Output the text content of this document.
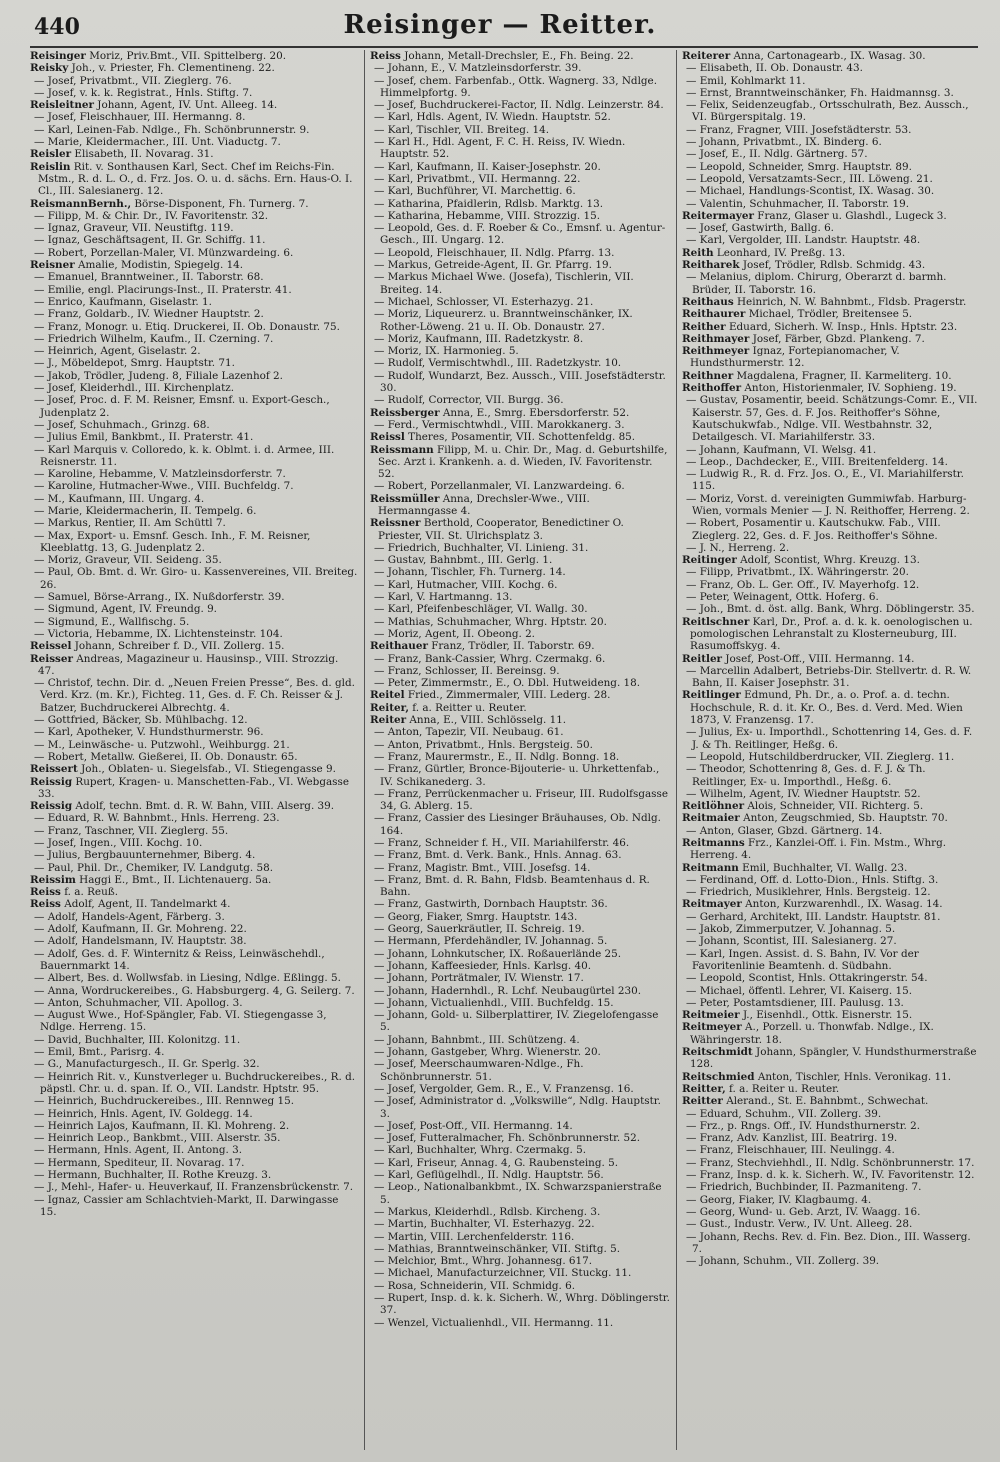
440	Reisinger — Reitter.

Reisinger Moriz, Priv.Bmt., VII. Spittelberg. 20.

Reisky Joh., v. Priester, Fh. Clementineng. 22.

— Josef, Privatbmt., VII. Zieglerg. 76.

— Josef, v. k. k. Registrat., Hnls. Stiftg. 7.

Reisleitner Johann, Agent, IV. Unt. Alleeg. 14.

— Josef, Fleischhauer, III. Hermanng. 8.

— Karl, Leinen-Fab. Ndlge., Fh. Schönbrunnerstr. 9.

— Marie, Kleidermacher., III. Unt. Viaductg. 7.

Reisler Elisabeth, II. Novarag. 31.

Reislin Rit. v. Sonthausen Karl, Sect. Chef im Reichs-Fin. Mstm., R. d. L. O., d. Frz. Jos. O. u. d. sächs. Ern. Haus-O. I. Cl., III. Salesianerg. 12.

ReismannBernh., Börse-Disponent, Fh. Turnerg. 7.

— Filipp, M. & Chir. Dr., IV. Favoritenstr. 32.

— Ignaz, Graveur, VII. Neustiftg. 119.

— Ignaz, Geschäftsagent, II. Gr. Schiffg. 11.

— Robert, Porzellan-Maler, VI. Münzwardeing. 6.

Reisner Amalie, Modistin, Spiegelg. 14.

— Emanuel, Branntweiner., II. Taborstr. 68.

— Emilie, engl. Placirungs-Inst., II. Praterstr. 41.

— Enrico, Kaufmann, Giselastr. 1.

— Franz, Goldarb., IV. Wiedner Hauptstr. 2.

— Franz, Monogr. u. Etiq. Druckerei, II. Ob. Donaustr. 75.

— Friedrich Wilhelm, Kaufm., II. Czerning. 7.

— Heinrich, Agent, Giselastr. 2.

— J., Möbeldepot, Smrg. Hauptstr. 71.

— Jakob, Trödler, Judeng. 8, Filiale Lazenhof 2.

— Josef, Kleiderhdl., III. Kirchenplatz.

— Josef, Proc. d. F. M. Reisner, Emsnf. u. Export-Gesch., Judenplatz 2.

— Josef, Schuhmach., Grinzg. 68.

— Julius Emil, Bankbmt., II. Praterstr. 41.

— Karl Marquis v. Colloredo, k. k. Oblmt. i. d. Armee, III. Reisnerstr. 11.

— Karoline, Hebamme, V. Matzleinsdorferstr. 7.

— Karoline, Hutmacher-Wwe., VIII. Buchfeldg. 7.

— M., Kaufmann, III. Ungarg. 4.

— Marie, Kleidermacherin, II. Tempelg. 6.

— Markus, Rentier, II. Am Schüttl 7.

— Max, Export- u. Emsnf. Gesch. Inh., F. M. Reisner, Kleeblattg. 13, G. Judenplatz 2.

— Moriz, Graveur, VII. Seideng. 35.

— Paul, Ob. Bmt. d. Wr. Giro- u. Kassenvereines, VII. Breiteg. 26.

— Samuel, Börse-Arrang., IX. Nußdorferstr. 39.

— Sigmund, Agent, IV. Freundg. 9.

— Sigmund, E., Wallfischg. 5.

— Victoria, Hebamme, IX. Lichtensteinstr. 104.

Reissel Johann, Schreiber f. D., VII. Zollerg. 15.

Reisser Andreas, Magazineur u. Hausinsp., VIII. Strozzig. 47.

— Christof, techn. Dir. d. „Neuen Freien Presse“, Bes. d. gld. Verd. Krz. (m. Kr.), Fichteg. 11, Ges. d. F. Ch. Reisser & J. Batzer, Buchdruckerei Albrechtg. 4.

— Gottfried, Bäcker, Sb. Mühlbachg. 12.

— Karl, Apotheker, V. Hundsthurmerstr. 96.

— M., Leinwäsche- u. Putzwohl., Weihburgg. 21.

— Robert, Metallw. Gießerei, II. Ob. Donaustr. 65.

Reissert Joh., Oblaten- u. Siegelsfab., VI. Stiegengasse 9.

Reissig Rupert, Kragen- u. Manschetten-Fab., VI. Webgasse 33.

Reissig Adolf, techn. Bmt. d. R. W. Bahn, VIII. Alserg. 39.

— Eduard, R. W. Bahnbmt., Hnls. Herreng. 23.

— Franz, Taschner, VII. Zieglerg. 55.

— Josef, Ingen., VIII. Kochg. 10.

— Julius, Bergbauunternehmer, Biberg. 4.

— Paul, Phil. Dr., Chemiker, IV. Landgutg. 58.

Reissim Haggi E., Bmt., II. Lichtenauerg. 5a.

Reiss f. a. Reuß.

Reiss Adolf, Agent, II. Tandelmarkt 4.

— Adolf, Handels-Agent, Färberg. 3.

— Adolf, Kaufmann, II. Gr. Mohreng. 22.

— Adolf, Handelsmann, IV. Hauptstr. 38.

— Adolf, Ges. d. F. Winternitz & Reiss, Leinwäschehdl., Bauernmarkt 14.

— Albert, Bes. d. Wollwsfab. in Liesing, Ndlge. Eßlingg. 5.

— Anna, Wordruckereibes., G. Habsburgerg. 4, G. Seilerg. 7.

— Anton, Schuhmacher, VII. Apollog. 3.

— August Wwe., Hof-Spängler, Fab. VI. Stiegengasse 3, Ndlge. Herreng. 15.

— David, Buchhalter, III. Kolonitzg. 11.

— Emil, Bmt., Parisrg. 4.

— G., Manufacturgesch., II. Gr. Sperlg. 32.

— Heinrich Rit. v., Kunstverleger u. Buchdruckereibes., R. d. päpstl. Chr. u. d. span. If. O., VII. Landstr. Hptstr. 95.

— Heinrich, Buchdruckereibes., III. Rennweg 15.

— Heinrich, Hnls. Agent, IV. Goldegg. 14.

— Heinrich Lajos, Kaufmann, II. Kl. Mohreng. 2.

— Heinrich Leop., Bankbmt., VIII. Alserstr. 35.

— Hermann, Hnls. Agent, II. Antong. 3.

— Hermann, Spediteur, II. Novarag. 17.

— Hermann, Buchhalter, II. Rothe Kreuzg. 3.

— J., Mehl-, Hafer- u. Heuverkauf, II. Franzensbrückenstr. 7.

— Ignaz, Cassier am Schlachtvieh-Markt, II. Darwingasse 15.

Reiss Johann, Metall-Drechsler, E., Fh. Being. 22.

— Johann, E., V. Matzleinsdorferstr. 39.

— Josef, chem. Farbenfab., Ottk. Wagnerg. 33, Ndlge. Himmelpfortg. 9.

— Josef, Buchdruckerei-Factor, II. Ndlg. Leinzerstr. 84.

— Karl, Hdls. Agent, IV. Wiedn. Hauptstr. 52.

— Karl, Tischler, VII. Breiteg. 14.

— Karl H., Hdl. Agent, F. C. H. Reiss, IV. Wiedn. Hauptstr. 52.

— Karl, Kaufmann, II. Kaiser-Josephstr. 20.

— Karl, Privatbmt., VII. Hermanng. 22.

— Karl, Buchführer, VI. Marchettig. 6.

— Katharina, Pfaidlerin, Rdlsb. Marktg. 13.

— Katharina, Hebamme, VIII. Strozzig. 15.

— Leopold, Ges. d. F. Roeber & Co., Emsnf. u. Agentur-Gesch., III. Ungarg. 12.

— Leopold, Fleischhauer, II. Ndlg. Pfarrg. 13.

— Markus, Getreide-Agent, II. Gr. Pfarrg. 19.

— Markus Michael Wwe. (Josefa), Tischlerin, VII. Breiteg. 14.

— Michael, Schlosser, VI. Esterhazyg. 21.

— Moriz, Liqueurerz. u. Branntweinschänker, IX. Rother-Löweng. 21 u. II. Ob. Donaustr. 27.

— Moriz, Kaufmann, III. Radetzkystr. 8.

— Moriz, IX. Harmonieg. 5.

— Rudolf, Vermischtwhdl., III. Radetzkystr. 10.

— Rudolf, Wundarzt, Bez. Aussch., VIII. Josefstädterstr. 30.

— Rudolf, Corrector, VII. Burgg. 36.

Reissberger Anna, E., Smrg. Ebersdorferstr. 52.

— Ferd., Vermischtwhdl., VIII. Marokkanerg. 3.

Reissl Theres, Posamentir, VII. Schottenfeldg. 85.

Reissmann Filipp, M. u. Chir. Dr., Mag. d. Geburtshilfe, Sec. Arzt i. Krankenh. a. d. Wieden, IV. Favoritenstr. 52.

— Robert, Porzellanmaler, VI. Lanzwardeing. 6.

Reissmüller Anna, Drechsler-Wwe., VIII. Hermanngasse 4.

Reissner Berthold, Cooperator, Benedictiner O. Priester, VII. St. Ulrichsplatz 3.

— Friedrich, Buchhalter, VI. Linieng. 31.

— Gustav, Bahnbmt., III. Gerlg. 1.

— Johann, Tischler, Fh. Turnerg. 14.

— Karl, Hutmacher, VIII. Kochg. 6.

— Karl, V. Hartmanng. 13.

— Karl, Pfeifenbeschläger, VI. Wallg. 30.

— Mathias, Schuhmacher, Whrg. Hptstr. 20.

— Moriz, Agent, II. Obeong. 2.

Reithauer Franz, Trödler, II. Taborstr. 69.

— Franz, Bank-Cassier, Whrg. Czermakg. 6.

— Franz, Schlosser, II. Bereinsg. 9.

— Peter, Zimmermstr., E., O. Dbl. Hutweideng. 18.

Reitel Fried., Zimmermaler, VIII. Lederg. 28.

Reiter, f. a. Reitter u. Reuter.

Reiter Anna, E., VIII. Schlösselg. 11.

— Anton, Tapezir, VII. Neubaug. 61.

— Anton, Privatbmt., Hnls. Bergsteig. 50.

— Franz, Maurermstr., E., II. Ndlg. Bonng. 18.

— Franz, Gürtler, Bronce-Bijouterie- u. Uhrkettenfab., IV. Schikanederg. 3.

— Franz, Perrückenmacher u. Friseur, III. Rudolfsgasse 34, G. Ablerg. 15.

— Franz, Cassier des Liesinger Bräuhauses, Ob. Ndlg. 164.

— Franz, Schneider f. H., VII. Mariahilferstr. 46.

— Franz, Bmt. d. Verk. Bank., Hnls. Annag. 63.

— Franz, Magistr. Bmt., VIII. Josefsg. 14.

— Franz, Bmt. d. R. Bahn, Fldsb. Beamtenhaus d. R. Bahn.

— Franz, Gastwirth, Dornbach Hauptstr. 36.

— Georg, Fiaker, Smrg. Hauptstr. 143.

— Georg, Sauerkräutler, II. Schreig. 19.

— Hermann, Pferdehändler, IV. Johannag. 5.

— Johann, Lohnkutscher, IX. Roßauerlände 25.

— Johann, Kaffeesieder, Hnls. Karlsg. 40.

— Johann, Porträtmaler, IV. Wienstr. 17.

— Johann, Hadernhdl., R. Lchf. Neubaugürtel 230.

— Johann, Victualienhdl., VIII. Buchfeldg. 15.

— Johann, Gold- u. Silberplattirer, IV. Ziegelofengasse 5.

— Johann, Bahnbmt., III. Schützeng. 4.

— Johann, Gastgeber, Whrg. Wienerstr. 20.

— Josef, Meerschaumwaren-Ndlge., Fh. Schönbrunnerstr. 51.

— Josef, Vergolder, Gem. R., E., V. Franzensg. 16.

— Josef, Administrator d. „Volkswille“, Ndlg. Hauptstr. 3.

— Josef, Post-Off., VII. Hermanng. 14.

— Josef, Futteralmacher, Fh. Schönbrunnerstr. 52.

— Karl, Buchhalter, Whrg. Czermakg. 5.

— Karl, Friseur, Annag. 4, G. Raubensteing. 5.

— Karl, Geflügelhdl., II. Ndlg. Hauptstr. 56.

— Leop., Nationalbankbmt., IX. Schwarzspanierstraße 5.

— Markus, Kleiderhdl., Rdlsb. Kircheng. 3.

— Martin, Buchhalter, VI. Esterhazyg. 22.

— Martin, VIII. Lerchenfelderstr. 116.

— Mathias, Branntweinschänker, VII. Stiftg. 5.

— Melchior, Bmt., Whrg. Johannesg. 617.

— Michael, Manufacturzeichner, VII. Stuckg. 11.

— Rosa, Schneiderin, VII. Schmidg. 6.

— Rupert, Insp. d. k. k. Sicherh. W., Whrg. Döblingerstr. 37.

— Wenzel, Victualienhdl., VII. Hermanng. 11.

Reiterer Anna, Cartonagearb., IX. Wasag. 30.

— Elisabeth, II. Ob. Donaustr. 43.

— Emil, Kohlmarkt 11.

— Ernst, Branntweinschänker, Fh. Haidmannsg. 3.

— Felix, Seidenzeugfab., Ortsschulrath, Bez. Aussch., VI. Bürgerspitalg. 19.

— Franz, Fragner, VIII. Josefstädterstr. 53.

— Johann, Privatbmt., IX. Binderg. 6.

— Josef, E., II. Ndlg. Gärtnerg. 57.

— Leopold, Schneider, Smrg. Hauptstr. 89.

— Leopold, Versatzamts-Secr., III. Löweng. 21.

— Michael, Handlungs-Scontist, IX. Wasag. 30.

— Valentin, Schuhmacher, II. Taborstr. 19.

Reitermayer Franz, Glaser u. Glashdl., Lugeck 3.

— Josef, Gastwirth, Ballg. 6.

— Karl, Vergolder, III. Landstr. Hauptstr. 48.

Reith Leonhard, IV. Preßg. 13.

Reitharek Josef, Trödler, Rdlsb. Schmidg. 43.

— Melanius, diplom. Chirurg, Oberarzt d. barmh. Brüder, II. Taborstr. 16.

Reithaus Heinrich, N. W. Bahnbmt., Fldsb. Pragerstr.

Reithaurer Michael, Trödler, Breitensee 5.

Reither Eduard, Sicherh. W. Insp., Hnls. Hptstr. 23.

Reithmayer Josef, Färber, Gbzd. Plankeng. 7.

Reithmeyer Ignaz, Fortepianomacher, V. Hundsthurmerstr. 12.

Reithner Magdalena, Fragner, II. Karmeliterg. 10.

Reithoffer Anton, Historienmaler, IV. Sophieng. 19.

— Gustav, Posamentir, beeid. Schätzungs-Comr. E., VII. Kaiserstr. 57, Ges. d. F. Jos. Reithoffer's Söhne, Kautschukwfab., Ndlge. VII. Westbahnstr. 32, Detailgesch. VI. Mariahilferstr. 33.

— Johann, Kaufmann, VI. Welsg. 41.

— Leop., Dachdecker, E., VIII. Breitenfelderg. 14.

— Ludwig R., R. d. Frz. Jos. O., E., VI. Mariahilferstr. 115.

— Moriz, Vorst. d. vereinigten Gummiwfab. Harburg-Wien, vormals Menier — J. N. Reithoffer, Herreng. 2.

— Robert, Posamentir u. Kautschukw. Fab., VIII. Zieglerg. 22, Ges. d. F. Jos. Reithoffer's Söhne.

— J. N., Herreng. 2.

Reitinger Adolf, Scontist, Whrg. Kreuzg. 13.

— Filipp, Privatbmt., IX. Währingerstr. 20.

— Franz, Ob. L. Ger. Off., IV. Mayerhofg. 12.

— Peter, Weinagent, Ottk. Hoferg. 6.

— Joh., Bmt. d. öst. allg. Bank, Whrg. Döblingerstr. 35.

Reitlschner Karl, Dr., Prof. a. d. k. k. oenologischen u. pomologischen Lehranstalt zu Klosterneuburg, III. Rasumoffskyg. 4.

Reitler Josef, Post-Off., VIII. Hermanng. 14.

— Marcellin Adalbert, Betriebs-Dir. Stellvertr. d. R. W. Bahn, II. Kaiser Josephstr. 31.

Reitlinger Edmund, Ph. Dr., a. o. Prof. a. d. techn. Hochschule, R. d. it. Kr. O., Bes. d. Verd. Med. Wien 1873, V. Franzensg. 17.

— Julius, Ex- u. Importhdl., Schottenring 14, Ges. d. F. J. & Th. Reitlinger, Heßg. 6.

— Leopold, Hutschildberdrucker, VII. Zieglerg. 11.

— Theodor, Schottenring 8, Ges. d. F. J. & Th. Reitlinger, Ex- u. Importhdl., Heßg. 6.

— Wilhelm, Agent, IV. Wiedner Hauptstr. 52.

Reitlöhner Alois, Schneider, VII. Richterg. 5.

Reitmaier Anton, Zeugschmied, Sb. Hauptstr. 70.

— Anton, Glaser, Gbzd. Gärtnerg. 14.

Reitmanns Frz., Kanzlei-Off. i. Fin. Mstm., Whrg. Herreng. 4.

Reitmann Emil, Buchhalter, VI. Wallg. 23.

— Ferdinand, Off. d. Lotto-Dion., Hnls. Stiftg. 3.

— Friedrich, Musiklehrer, Hnls. Bergsteig. 12.

Reitmayer Anton, Kurzwarenhdl., IX. Wasag. 14.

— Gerhard, Architekt, III. Landstr. Hauptstr. 81.

— Jakob, Zimmerputzer, V. Johannag. 5.

— Johann, Scontist, III. Salesianerg. 27.

— Karl, Ingen. Assist. d. S. Bahn, IV. Vor der Favoritenlinie Beamtenh. d. Südbahn.

— Leopold, Scontist, Hnls. Ottakringerstr. 54.

— Michael, öffentl. Lehrer, VI. Kaiserg. 15.

— Peter, Postamtsdiener, III. Paulusg. 13.

Reitmeier J., Eisenhdl., Ottk. Eisnerstr. 15.

Reitmeyer A., Porzell. u. Thonwfab. Ndlge., IX. Währingerstr. 18.

Reitschmidt Johann, Spängler, V. Hundsthurmerstraße 128.

Reitschmied Anton, Tischler, Hnls. Veronikag. 11.

Reitter, f. a. Reiter u. Reuter.

Reitter Alerand., St. E. Bahnbmt., Schwechat.

— Eduard, Schuhm., VII. Zollerg. 39.

— Frz., p. Rngs. Off., IV. Hundsthurnerstr. 2.

— Franz, Adv. Kanzlist, III. Beatrirg. 19.

— Franz, Fleischhauer, III. Neulingg. 4.

— Franz, Stechviehhdl., II. Ndlg. Schönbrunnerstr. 17.

— Franz, Insp. d. k. k. Sicherh. W., IV. Favoritenstr. 12.

— Friedrich, Buchbinder, II. Pazmaniteng. 7.

— Georg, Fiaker, IV. Klagbaumg. 4.

— Georg, Wund- u. Geb. Arzt, IV. Waagg. 16.

— Gust., Industr. Verw., IV. Unt. Alleeg. 28.

— Johann, Rechs. Rev. d. Fin. Bez. Dion., III. Wasserg. 7.

— Johann, Schuhm., VII. Zollerg. 39.
